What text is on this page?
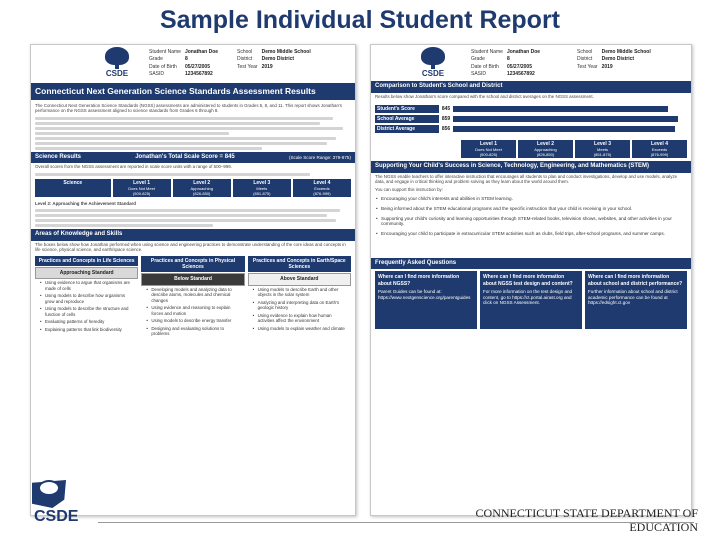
Sample Individual Student Report
CSDE
Student Name Jonathan Doe
Grade	8
Date of Birth	05/27/2005
SASID	1234567892
School	Demo Middle School
District	Demo District
Test Year 2019
Connecticut Next Generation Science Standards Assessment Results
The Connecticut Next Generation Science Standards (NGSS) assessments are administered to students in Grades 5, 8, and 11. This report shows Jonathan's performance on the NGSS assessment aligned to science standards from Grades 6 through 8.
Science Results	Jonathan's Total Scale Score = 845	(Scale Score Range: 379-875)
Overall scores from the NGSS assessment are reported in scale score units with a range of 500–999.
Science	Level 1
Does Not Meet
(500-825)
Level 2
Approaching
(826-850)
Level 3
Meets
(851-875)
Level 4
Exceeds
(876-999)
Level 2: Approaching the Achievement Standard
Areas of Knowledge and Skills
The boxes below show how Jonathan performed when using science and engineering practices to demonstrate understanding of the core ideas and concepts in life science, physical science, and earth/space science.
Practices and Concepts in Life Sciences
Approaching Standard
• Using evidence to argue that organisms are made of cells
• Using models to describe how organisms grow and reproduce
• Using models to describe the structure and function of cells
• Evaluating patterns of heredity
• Explaining patterns that link biodiversity
Practices and Concepts in Physical Sciences
Below Standard
• Developing models and analyzing data to describe atoms, molecules and chemical changes
• Using evidence and reasoning to explain forces and motion
• Using models to describe energy transfer
• Designing and evaluating solutions to problems
Practices and Concepts in Earth/Space Sciences
Above Standard
• Using models to describe Earth and other objects in the solar system
• Analyzing and interpreting data on Earth's geologic history
• Using evidence to explain how human activities affect the environment
• Using models to explain weather and climate
CSDE
Student Name Jonathan Doe
Grade	8
Date of Birth	05/27/2005
SASID	1234567892
School	Demo Middle School
District	Demo District
Test Year 2019
Comparison to Student's School and District
Results below show Jonathan's score compared with the school and district averages on the NGSS assessment.
Student's Score	845
School Average	859
District Average	856
Level 1
Does Not Meet
(500-825)
Level 2
Approaching
(826-850)
Level 3
Meets
(851-875)
Level 4
Exceeds
(876-999)
Supporting Your Child's Success in Science, Technology, Engineering, and Mathematics (STEM)
The NGSS enable teachers to offer interactive instruction that encourages all students to plan and conduct investigations, develop and use models, analyze data, and engage in critical thinking and problem solving as they learn about the world around them.
You can support this instruction by:
• Encouraging your child's interests and abilities in STEM learning.
• Being informed about the STEM educational programs and the specific instruction that your child is receiving in your school.
• Supporting your child's curiosity and learning opportunities through STEM-related books, television shows, websites, and other activities in your community.
• Encouraging your child to participate in extracurricular STEM activities such as clubs, field trips, after-school programs, and summer camps.
Frequently Asked Questions
Where can I find more information about NGSS?
Parent Guides can be found at: https://www.nextgenscience.org/parentguides
Where can I find more information about NGSS test design and content?
For more information on the test design and content, go to https://ct.portal.airast.org and click on NGSS Assessment.
Where can I find more information about school and district performance?
Further information about school and district academic performance can be found at https://edsight.ct.gov
CSDE	CONNECTICUT STATE DEPARTMENT OF EDUCATION
